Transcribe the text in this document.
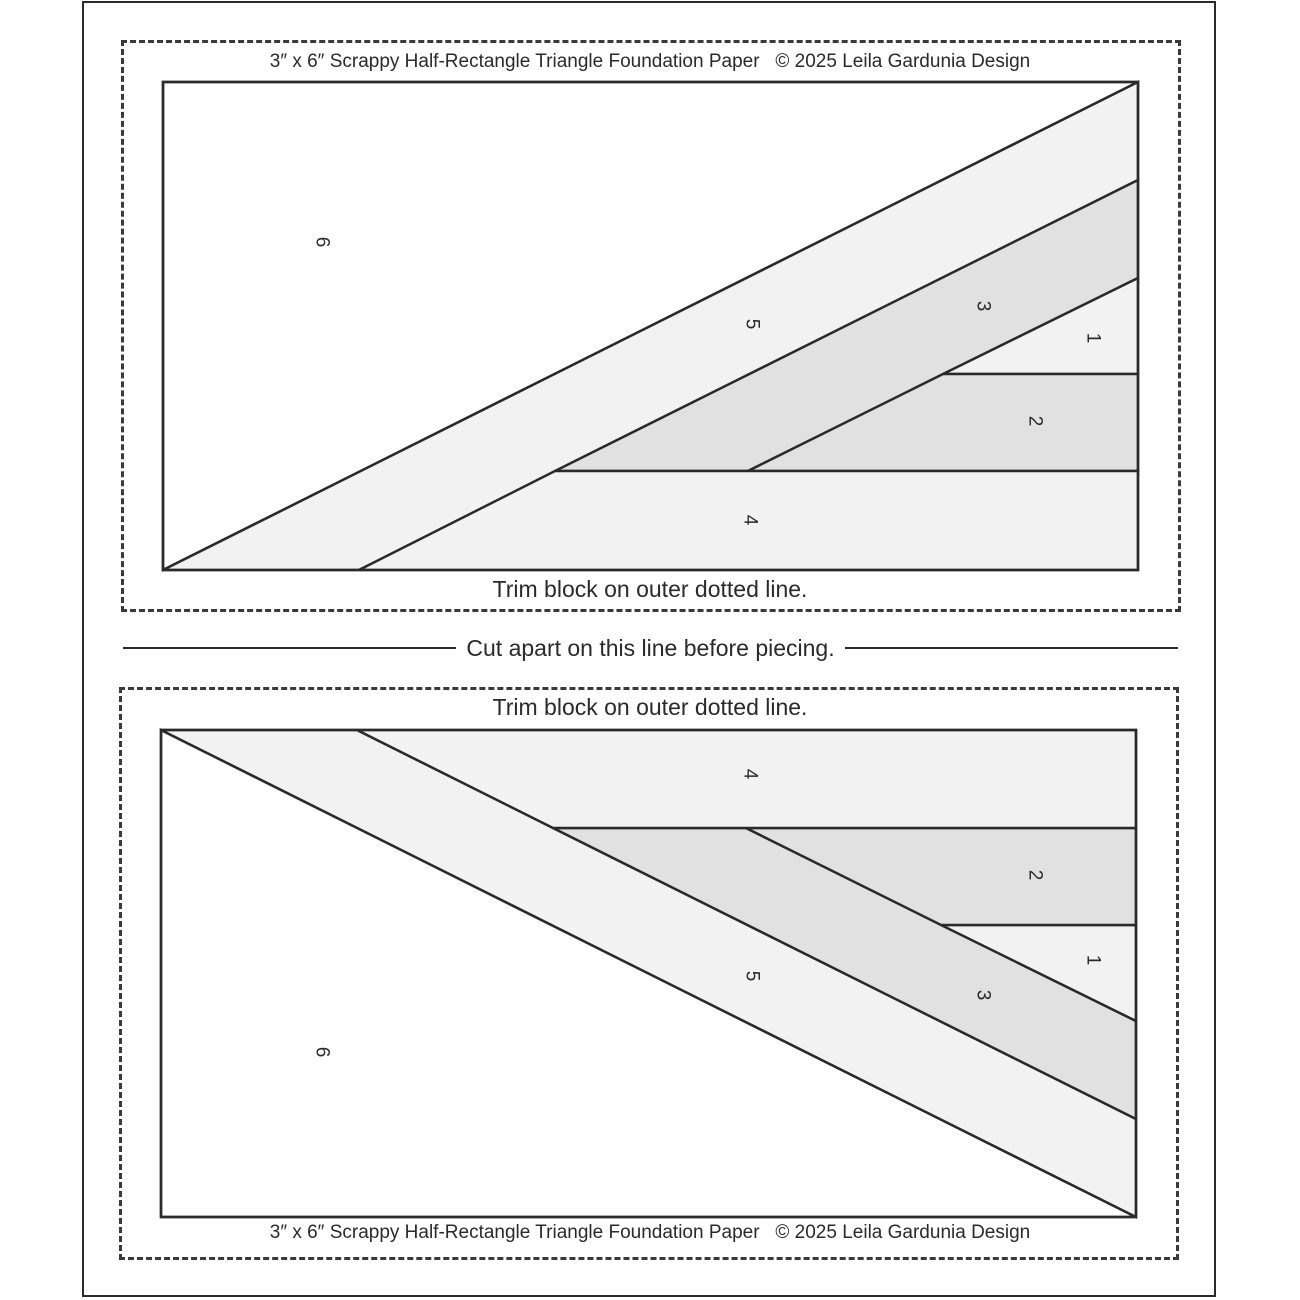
3″ x 6″ Scrappy Half-Rectangle Triangle Foundation Paper © 2025 Leila Gardunia Design
Trim block on outer dotted line.
Cut apart on this line before piecing.
Trim block on outer dotted line.
3″ x 6″ Scrappy Half-Rectangle Triangle Foundation Paper © 2025 Leila Gardunia Design
6
5
3
1
2
4
4
2
1
5
3
6
